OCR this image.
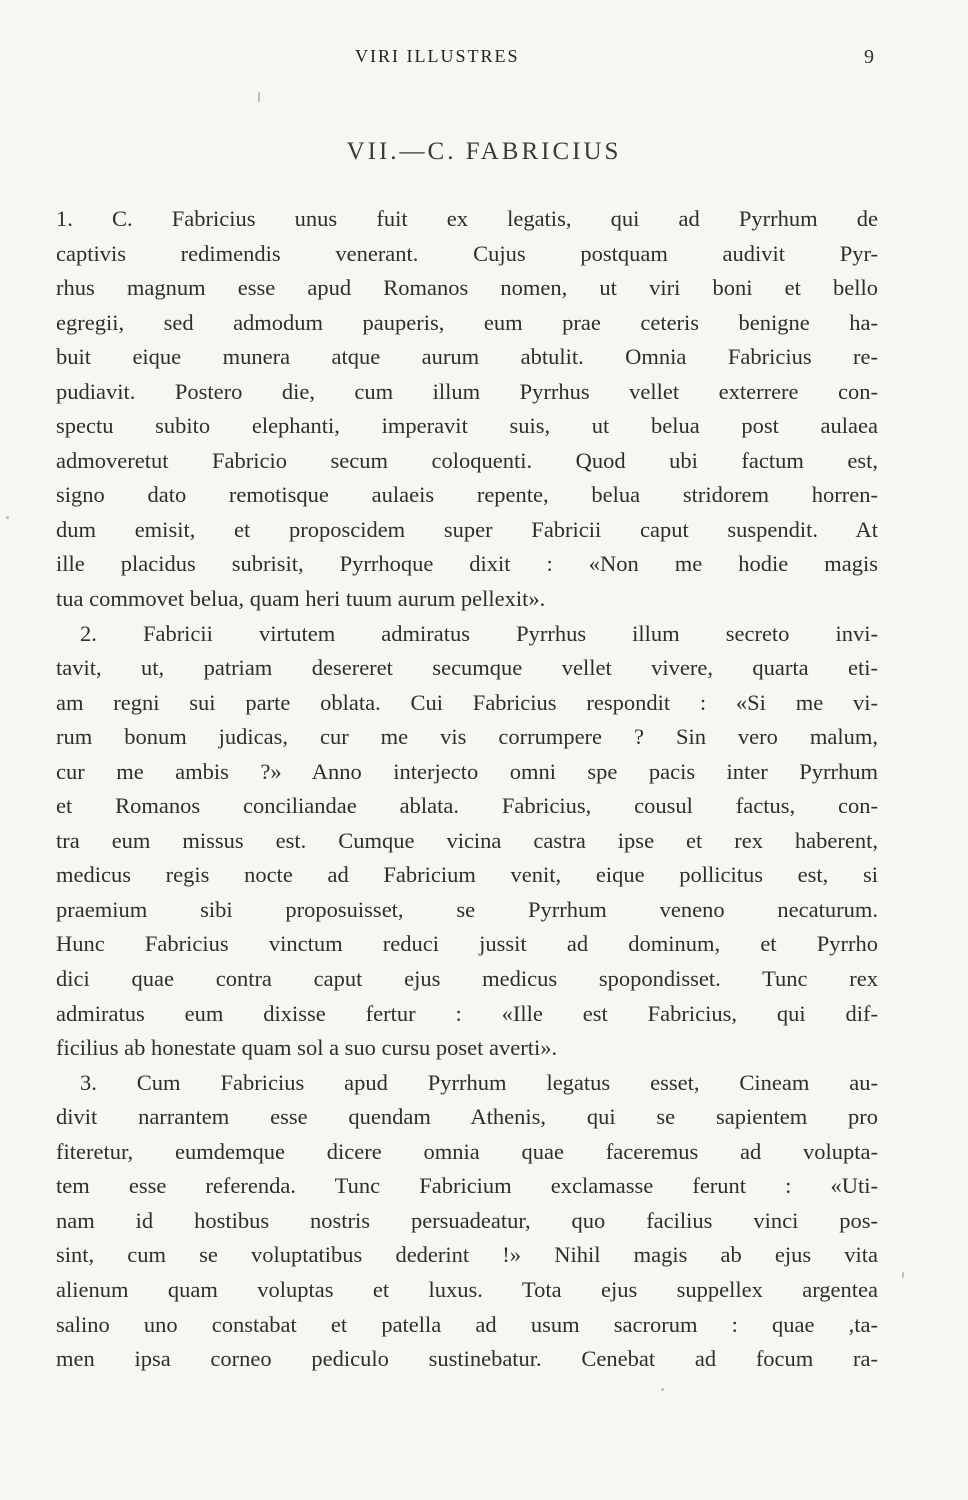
VIRI ILLUSTRES	9
VII.—C. FABRICIUS
1. C. Fabricius unus fuit ex legatis, qui ad Pyrrhum de
captivis redimendis venerant. Cujus postquam audivit Pyr-
rhus magnum esse apud Romanos nomen, ut viri boni et bello
egregii, sed admodum pauperis, eum prae ceteris benigne ha-
buit eique munera atque aurum abtulit. Omnia Fabricius re-
pudiavit. Postero die, cum illum Pyrrhus vellet exterrere con-
spectu subito elephanti, imperavit suis, ut belua post aulaea
admoveretut Fabricio secum coloquenti. Quod ubi factum est,
signo dato remotisque aulaeis repente, belua stridorem horren-
dum emisit, et proposcidem super Fabricii caput suspendit. At
ille placidus subrisit, Pyrrhoque dixit : «Non me hodie magis
tua commovet belua, quam heri tuum aurum pellexit».
2. Fabricii virtutem admiratus Pyrrhus illum secreto invi-
tavit, ut, patriam desereret secumque vellet vivere, quarta eti-
am regni sui parte oblata. Cui Fabricius respondit : «Si me vi-
rum bonum judicas, cur me vis corrumpere ? Sin vero malum,
cur me ambis ?» Anno interjecto omni spe pacis inter Pyrrhum
et Romanos conciliandae ablata. Fabricius, cousul factus, con-
tra eum missus est. Cumque vicina castra ipse et rex haberent,
medicus regis nocte ad Fabricium venit, eique pollicitus est, si
praemium sibi proposuisset, se Pyrrhum veneno necaturum.
Hunc Fabricius vinctum reduci jussit ad dominum, et Pyrrho
dici quae contra caput ejus medicus spopondisset. Tunc rex
admiratus eum dixisse fertur : «Ille est Fabricius, qui dif-
ficilius ab honestate quam sol a suo cursu poset averti».
3. Cum Fabricius apud Pyrrhum legatus esset, Cineam au-
divit narrantem esse quendam Athenis, qui se sapientem pro
fiteretur, eumdemque dicere omnia quae faceremus ad volupta-
tem esse referenda. Tunc Fabricium exclamasse ferunt : «Uti-
nam id hostibus nostris persuadeatur, quo facilius vinci pos-
sint, cum se voluptatibus dederint !» Nihil magis ab ejus vita
alienum quam voluptas et luxus. Tota ejus suppellex argentea
salino uno constabat et patella ad usum sacrorum : quae ,ta-
men ipsa corneo pediculo sustinebatur. Cenebat ad focum ra-
